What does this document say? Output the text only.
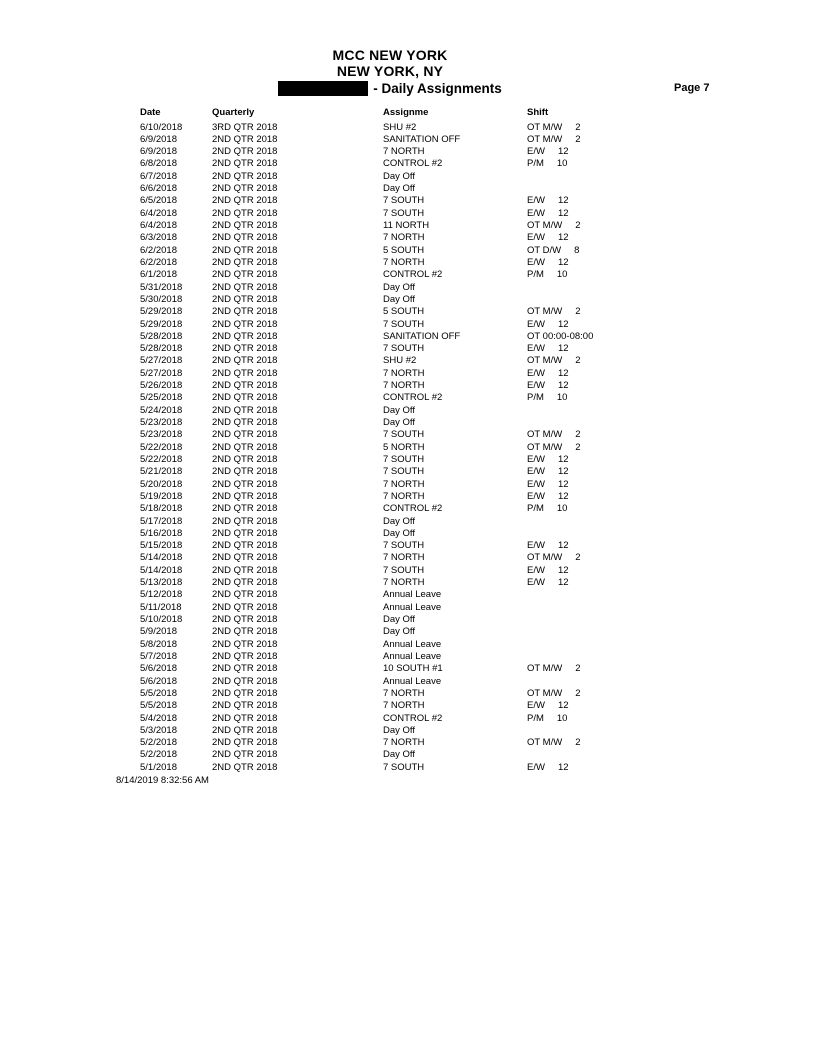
MCC NEW YORK
NEW YORK, NY
- Daily Assignments	Page 7
Date	Quarterly	Assignme	Shift
6/10/2018	3RD QTR 2018	SHU #2	OT M/W 2
6/9/2018	2ND QTR 2018	SANITATION OFF	OT M/W 2
6/9/2018	2ND QTR 2018	7 NORTH	E/W 12
6/8/2018	2ND QTR 2018	CONTROL #2	P/M 10
6/7/2018	2ND QTR 2018	Day Off
6/6/2018	2ND QTR 2018	Day Off
6/5/2018	2ND QTR 2018	7 SOUTH	E/W 12
6/4/2018	2ND QTR 2018	7 SOUTH	E/W 12
6/4/2018	2ND QTR 2018	11 NORTH	OT M/W 2
6/3/2018	2ND QTR 2018	7 NORTH	E/W 12
6/2/2018	2ND QTR 2018	5 SOUTH	OT D/W 8
6/2/2018	2ND QTR 2018	7 NORTH	E/W 12
6/1/2018	2ND QTR 2018	CONTROL #2	P/M 10
5/31/2018	2ND QTR 2018	Day Off
5/30/2018	2ND QTR 2018	Day Off
5/29/2018	2ND QTR 2018	5 SOUTH	OT M/W 2
5/29/2018	2ND QTR 2018	7 SOUTH	E/W 12
5/28/2018	2ND QTR 2018	SANITATION OFF	OT 00:00-08:00
5/28/2018	2ND QTR 2018	7 SOUTH	E/W 12
5/27/2018	2ND QTR 2018	SHU #2	OT M/W 2
5/27/2018	2ND QTR 2018	7 NORTH	E/W 12
5/26/2018	2ND QTR 2018	7 NORTH	E/W 12
5/25/2018	2ND QTR 2018	CONTROL #2	P/M 10
5/24/2018	2ND QTR 2018	Day Off
5/23/2018	2ND QTR 2018	Day Off
5/23/2018	2ND QTR 2018	7 SOUTH	OT M/W 2
5/22/2018	2ND QTR 2018	5 NORTH	OT M/W 2
5/22/2018	2ND QTR 2018	7 SOUTH	E/W 12
5/21/2018	2ND QTR 2018	7 SOUTH	E/W 12
5/20/2018	2ND QTR 2018	7 NORTH	E/W 12
5/19/2018	2ND QTR 2018	7 NORTH	E/W 12
5/18/2018	2ND QTR 2018	CONTROL #2	P/M 10
5/17/2018	2ND QTR 2018	Day Off
5/16/2018	2ND QTR 2018	Day Off
5/15/2018	2ND QTR 2018	7 SOUTH	E/W 12
5/14/2018	2ND QTR 2018	7 NORTH	OT M/W 2
5/14/2018	2ND QTR 2018	7 SOUTH	E/W 12
5/13/2018	2ND QTR 2018	7 NORTH	E/W 12
5/12/2018	2ND QTR 2018	Annual Leave
5/11/2018	2ND QTR 2018	Annual Leave
5/10/2018	2ND QTR 2018	Day Off
5/9/2018	2ND QTR 2018	Day Off
5/8/2018	2ND QTR 2018	Annual Leave
5/7/2018	2ND QTR 2018	Annual Leave
5/6/2018	2ND QTR 2018	10 SOUTH #1	OT M/W 2
5/6/2018	2ND QTR 2018	Annual Leave
5/5/2018	2ND QTR 2018	7 NORTH	OT M/W 2
5/5/2018	2ND QTR 2018	7 NORTH	E/W 12
5/4/2018	2ND QTR 2018	CONTROL #2	P/M 10
5/3/2018	2ND QTR 2018	Day Off
5/2/2018	2ND QTR 2018	7 NORTH	OT M/W 2
5/2/2018	2ND QTR 2018	Day Off
5/1/2018	2ND QTR 2018	7 SOUTH	E/W 12
8/14/2019 8:32:56 AM
